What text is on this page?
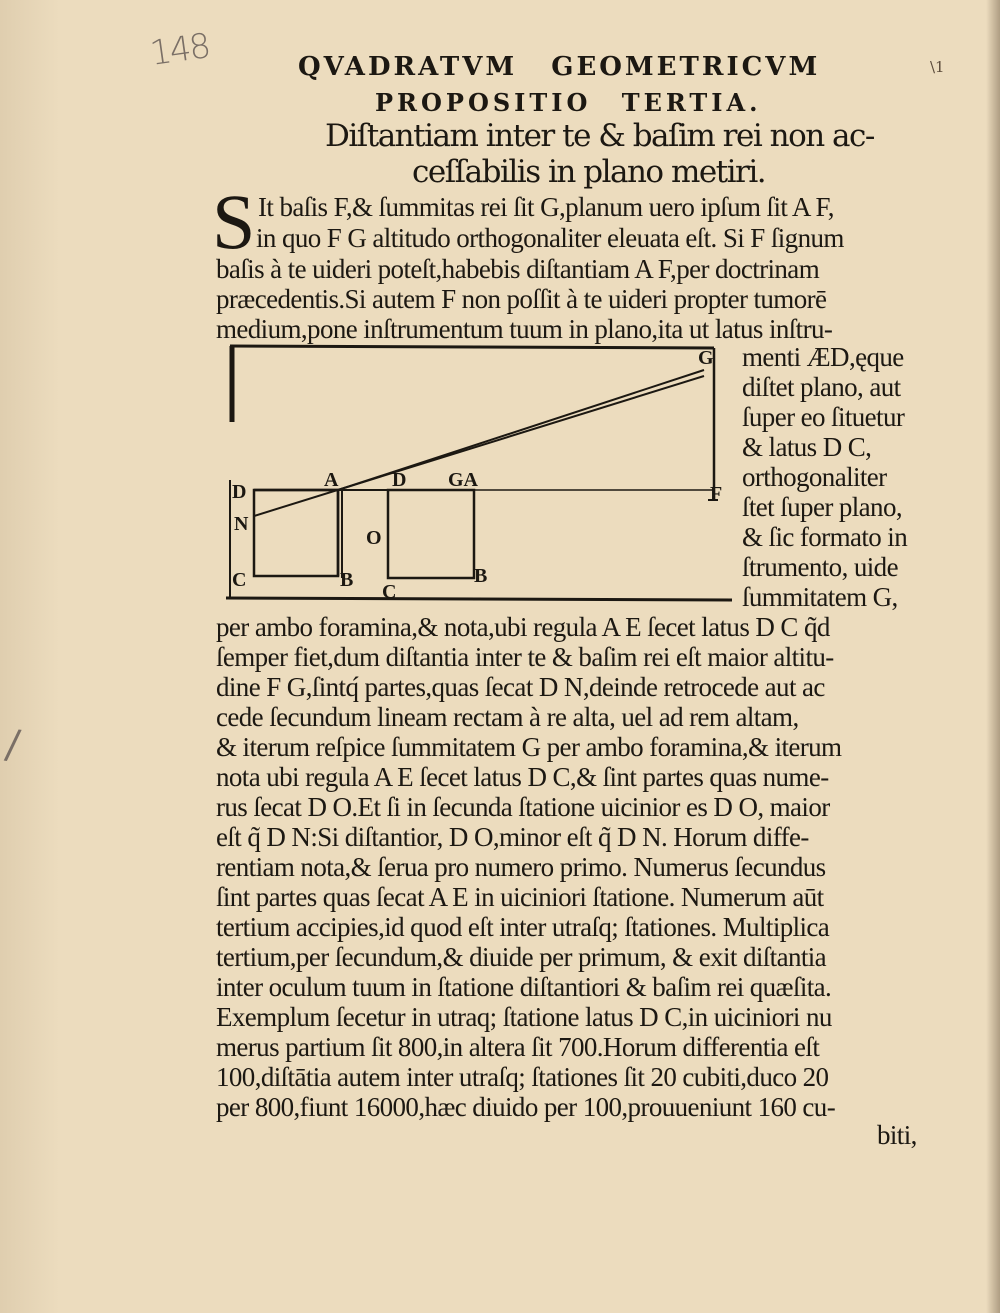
148	\1
QVADRATVM GEOMETRICVM
PROPOSITIO TERTIA.
Diſtantiam inter te & baſim rei non ac-
ceſſabilis in plano metiri.
S It baſis F,& ſummitas rei ſit G,planum uero ipſum ſit A F,
in quo F G altitudo orthogonaliter eleuata eſt. Si F ſignum
baſis à te uideri poteſt,habebis diſtantiam A F,per doctrinam
præcedentis.Si autem F non poſſit à te uideri propter tumorē
medium,pone inſtrumentum tuum in plano,ita ut latus inſtru-
G
F
A
D
N
C	B
O
D GA
C
B
menti ÆD,ęque
diſtet plano, aut
ſuper eo ſituetur
& latus D C,
orthogonaliter
ſtet ſuper plano,
& ſic formato in
ſtrumento, uide
ſummitatem G,
per ambo foramina,& nota,ubi regula A E ſecet latus D C q̃d
ſemper fiet,dum diſtantia inter te & baſim rei eſt maior altitu-
dine F G,ſintq́ partes,quas ſecat D N,deinde retrocede aut ac
cede ſecundum lineam rectam à re alta, uel ad rem altam,
& iterum reſpice ſummitatem G per ambo foramina,& iterum
nota ubi regula A E ſecet latus D C,& ſint partes quas nume-
rus ſecat D O.Et ſi in ſecunda ſtatione uicinior es D O, maior
eſt q̃ D N:Si diſtantior, D O,minor eſt q̃ D N. Horum diffe-
rentiam nota,& ſerua pro numero primo. Numerus ſecundus
ſint partes quas ſecat A E in uiciniori ſtatione. Numerum aūt
tertium accipies,id quod eſt inter utraſq; ſtationes. Multiplica
tertium,per ſecundum,& diuide per primum, & exit diſtantia
inter oculum tuum in ſtatione diſtantiori & baſim rei quæſita.
Exemplum ſecetur in utraq; ſtatione latus D C,in uiciniori nu
merus partium ſit 800,in altera ſit 700.Horum differentia eſt
100,diſtātia autem inter utraſq; ſtationes ſit 20 cubiti,duco 20
per 800,fiunt 16000,hæc diuido per 100,prouueniunt 160 cu-
biti,
/
